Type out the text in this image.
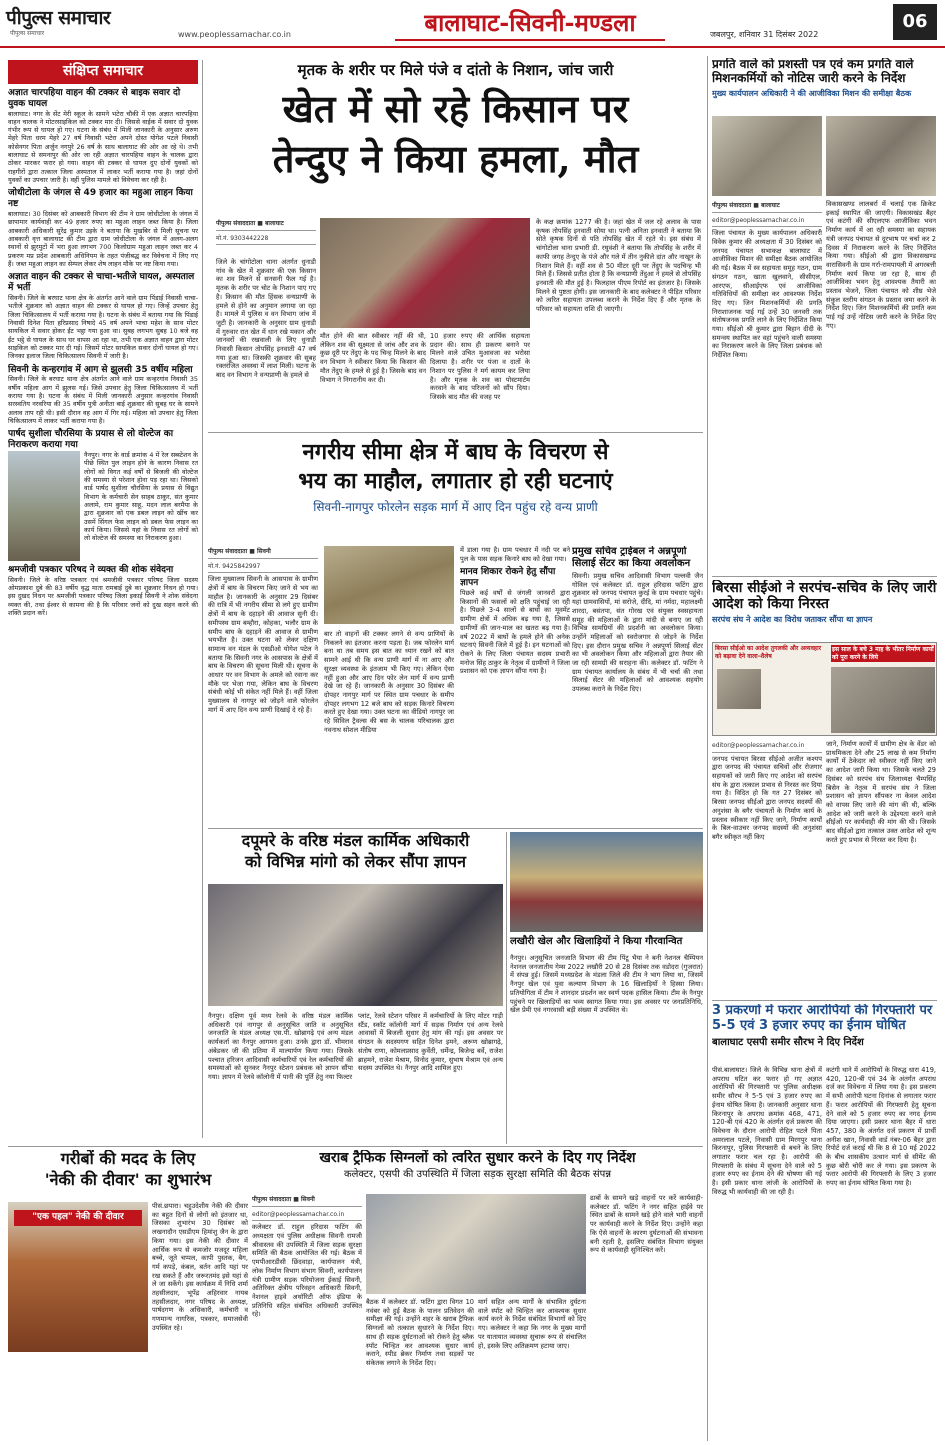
पीपुल्स समाचार
पीपुल्स समाचार	www.peoplessamachar.co.in	बालाघाट-सिवनी-मण्डला	जबलपुर, शनिवार 31 दिसंबर 2022
06
संक्षिप्त समाचार
अज्ञात चारपहिया वाहन की टक्कर से बाइक सवार दो युवक घायल
बालाघाट। नगर के सेंट मेरी स्कूल के सामने भटेरा चौकी में एक अज्ञात चारपहिया वाहन चालक ने मोटरसाइकिल को टक्कर मार दी। जिससे वाईक में सवार दो युवक गंभीर रूप से घायल हो गए। घटना के संबंध में मिली जानकारी के अनुसार अरुण मेहरे पिता धरम मेहरे 27 वर्ष निवासी भटेरा अपने दोस्त योगेश पटले निवासी कोसेनगर पिता अर्जुन नगपुरे 26 वर्ष के साथ बालाघाट की ओर आ रहे थे। तभी बालाघाट से समनापुर की ओर जा रही अज्ञात चारपहिया वाहन के चालक द्वारा ठोकर मारकर फरार हो गया। वाहन की टक्कर से घायल दुए दोनों युवकों को राहगीरों द्वारा तत्काल जिला अस्पताल में लाकर भर्ती कराया गया है। जहां दोनों युवकों का उपचार जारी है। वहीं पुलिस मामले को विवेचना कर रही है।
जोधीटोला के जंगल से 49 हजार का महुआ लाहन किया नष्ट
बालाघाट। 30 दिसंबर को आबकारी विभाग की टीम ने ग्राम जोधीटोला के जंगल में छापामार कार्यवाही कर 49 हजार रुपए का महुआ लाहन जब्त किया है। जिला आबकारी अधिकारी सुरेंद्र कुमार उइके ने बताया कि मुखबिर से मिली सूचना पर आबकारी वृत्त बालाघाट की टीम द्वारा ग्राम जोधीटोला के जंगल में अलग-अलग स्थानों से झुरमुटों में भरा हुआ लगभग 700 किलोग्राम महुआ लाहन जब्त कर 4 प्रकरण मप्र प्रदेश आबकारी अधिनियम के तहत पंजीबद्ध कर विवेचना में लिए गए हैं। जब्त महुआ लाहन का सेम्पल लेकर शेष लाहन मौके पर नष्ट किया गया।
अज्ञात वाहन की टक्कर से चाचा-भतीजे घायल, अस्पताल में भर्ती
सिवनी। जिले के बरघाट थाना क्षेत्र के अंतर्गत आने वाले ग्राम पिंडाई निवासी चाचा-भतीजे शुक्रवार को अज्ञात वाहन की टक्कर से घायल हो गए। जिन्हें उपचार हेतु जिला चिकित्सालय में भर्ती कराया गया है। घटना के संबंध में बताया गया कि पिंडाई निवासी दिनेश पिता हरिप्रसाद निषादे 45 वर्ष अपने भाचा महेश के साथ मोटर सायकिल में सवार होकर ईंट भट्ठा गया हुआ था। सुबह लगभग सुबह 10 बजे वह ईंट भट्ठे से घायल के साथ घर वापस आ रहा था, तभी एक अज्ञात वाहन द्वारा मोटर साइकिल को टक्कर मार दी गई। जिसमें मोटर सायकिल सवार दोनों घायल हो गए। जिनका इलाज जिला चिकित्सालय सिवनी में जारी है।
सिवनी के कन्हरगांव में आग से झुलसी 35 वर्षीय महिला
सिवनी। जिले के बरघाट थाना क्षेत्र अंतर्गत आने वाले ग्राम कन्हरगांव निवासी 35 वर्षीय महिला आग में झुलस गई। जिसे उपचार हेतु जिला चिकित्सालय में भर्ती कराया गया है। घटना के संबंध में मिली जानकारी अनुसार कन्हरगांव निवासी सरस्वतिय नरवरिया की 35 वर्षीय पुत्री अनीता बाई शुक्रवार की सुबह घर के सामने अलाव ताप रही थी। इसी दौरान वह आग में गिर गई। महिला को उपचार हेतु जिला चिकित्सालय में लाकर भर्ती कराया गया है।
पार्षद सुशीला चौरसिया के प्रयास से लो वोल्टेज का निराकरण कराया गया
नैनपुर। नगर के वार्ड क्रमांक 4 में रेल सब्स्टेशन के पीछे स्थित पुल लाइन होने के कारण निवास रत लोगों को विगत कई वर्षों से बिजली की वोल्टेज की समस्या से परेशान होना पड़ रहा था। जिसको वार्ड पार्षद सुशीला चौरसिया के प्रयास से विद्युत विभाग के कर्मचारी सेन साहब ठाकुर, संत कुमार अलामे, राम कुमार साहू, मदन लाल बरमैया के द्वारा शुक्रवार को एक डबल लाइन को खींच कर उसमें सिंगल फेस लाइन को डबल फेस लाइन का कार्य किया। जिससे यहां के निवास रत लोगों को लो वोल्टेज की समस्या का निराकरण हुआ।
श्रमजीवी पत्रकार परिषद ने व्यक्त की शोक संवेदना
सिवनी। जिले के वरिष्ठ पत्रकार एवं श्रमजीवी पत्रकार परिषद जिला सदस्य ओमप्रकाश दुबे की 83 वर्षीय वृद्ध माता रामबाई दुबे का शुक्रवार निधन हो गया। इस दुखद निधन पर श्रमजीवी पत्रकार परिषद जिला इकाई सिवनी ने शोक संवेदना व्यक्त की, तथा ईश्वर से कामना की है कि परिवार जनों को दुख सहन करने की शक्ति प्रदान करें।
मृतक के शरीर पर मिले पंजे व दांतो के निशान, जांच जारी
खेत में सो रहे किसान पर
तेन्दुए ने किया हमला, मौत
पीपुल्स संवाददाता ■ बालाघाट
मो.नं. 9303442228
जिले के चांगोटोला थाना अंतर्गत धुनाडी गांव के खेत में शुक्रवार की एक किसान का शव मिलने से सनसनी फैल गई है। मृतक के शरीर पर चोट के निशान पाए गए है। किसान की मौत हिंसक वन्यप्राणी के हमले से होने का अनुमान लगाया जा रहा है। मामले में पुलिस व वन विभाग जांच में जुटी है। जानकारी के अनुसार ग्राम धुनाडी में गुरुवार रात खेत में धान रखे मकान और जानवरों की रखवाली के लिए धुनाडी निवासी किसान तोपसिंह इनवाती 47 वर्ष गया हुआ था। जिसकी शुक्रवार की सुबह रक्तरंजित अवस्था में लाश मिली। घटना के बाद वन विभाग ने वन्यप्राणी के हमले से
मौत होने की बात स्वीकार नहीं की थी, लेकिन शव की सूक्ष्मता से जांच और शव के कुछ दूरी पर तेंदुए के पद चिन्ह मिलने के बाद वन विभाग ने स्वीकार किया कि किसान की मौत तेंदुए के हमले से हुई है। जिसके बाद वन विभाग ने निगरानीय कर दी।
10 हजार रुपए की आर्थिक सहायता प्रदान की। साथ ही प्रकरण बनाने पर मिलने वाले उचित मुआवजा का भरोसा दिलाया है। शरीर पर पंजा व दातों के निशान पर पुलिस ने मर्ग कायम कर लिया है। और मृतक के शव का पोस्टमार्टम करवाने के बाद परिजनों को सौंप दिया। जिसके बाद मौत की वजह पर
के कक्ष क्रमांक 1277 की है। जहां खेत में जल रहे अलाव के पास कृषक तोपसिंह इनवाती सोया था। पत्नी अनिता इनवाती ने बताया कि सोते कृषक दिनों से पति तोपसिंह खेत में रहते थे। इस संबंध में चांगोटोला थाना प्रभारी डी. रघुवंशी ने बताया कि तोपसिंह के शरीर में काफी जगह तेन्दुए के पंजे और गले में तीन नुकीले दांत और नाखून के निशान मिले हैं। वहीं शव से 50 मीटर दूरी पर तेंदुए के पदचिन्ह भी मिले हैं। जिससे प्रतीत होता है कि वन्यप्राणी तेंदुआ ने हमले से तोपसिंह इनवाती की मौत हुई है। फिलहाल पीएम रिपोर्ट का इंतजार है। जिसके मिलने से पुष्टता होगी। इस जानकारी के बाद कलेक्टर ने पीड़ित परिवार को त्वरित सहायता उपलब्ध कराने के निर्देश दिए हैं और मृतक के परिवार को सहायता राशि दी जाएगी।
नगरीय सीमा क्षेत्र में बाघ के विचरण से
भय का माहौल, लगातार हो रही घटनाएं
सिवनी-नागपुर फोरलेन सड़क मार्ग में आए दिन पहुंच रहे वन्य प्राणी
पीपुल्स संवाददाता ■ सिवनी
मो.नं. 9425842997
जिला मुख्यालय सिवनी के आसपास के ग्रामीण क्षेत्रों में बाघ के विचरण किए जाने से भय का माहौल है। जानकारी के अनुसार 29 दिसंबर की रात्रि में भी नगरीय सीमा से लगे हुए ग्रामीण क्षेत्रों में बाघ के दहाड़ने की आवाज सुनी दी। समीपस्थ ग्राम बम्हौरा, कोहका, भलौर ग्राम के समीप बाघ के दहाड़ने की आवाज से ग्रामीण भयभीत है। उक्त घटना को लेकर दक्षिण सामान्य वन मंडल के एसडीओ योगेश पटेल ने बताया कि सिवनी नगर के आसपास के क्षेत्रों में बाघ के विचरण की सूचना मिली थी। सूचना के आधार पर वन विभाग के अमले को रवाना कर मौके पर भेजा गया, लेकिन बाघ के विचरण संबंधी कोई भी संकेत नहीं मिले हैं। वहीं जिला मुख्यालय से नागपुर को जोड़ने वाले फोरलेन मार्ग में आए दिन वन्य प्राणी दिखाई दे रहे हैं।
बार तो वाहनों की टक्कर लगने से वन्य प्राणियों के निकलने का इंतजार करना पड़ता है। जब फोरलेन मार्ग बना था तब समय इस बात का ध्यान रखने को बात सामने आई थी कि वन्य प्राणी मार्ग में ना आए और सुरक्षा व्यवस्था के इंतजाम भी किए गए। लेकिन ऐसा नहीं हुआ और आए दिन फोर लेन मार्ग में वन्य प्राणी देखे जा रहे हैं। जानकारी के अनुसार 30 दिसंबर की दोपहर नागपुर मार्ग पर स्थित ग्राम पचधार के समीप दोपहर लगभग 12 बजे बाघ को सड़क किनारे विचरण करते हुए देखा गया। उक्त घटना का वीडियो नागपुर जा रहे सिविल ट्रैवल्स की बस के चालक परिचालक द्वारा नवनाथ सोशल मीडिया
में डाला गया है। ग्राम पचधार में नदी पर बने पुल के पास सड़क किनारे बाघ को देखा गया।
मानव शिकार रोकने हेतु सौंपा ज्ञापन
पिछले कई वर्षों से जंगली जानवरों द्वारा किसानों की फसलों को क्षति पहुंचाई जा रही है। पिछले 3-4 सालों से बाघों का मूवमेंट ग्रामीण क्षेत्रों में अधिक बढ़ गया है, जिससे ग्रामीणों की जान-माल का खतरा बढ़ गया है। वर्ष 2022 में बाघों के हमले होने की अनेक घटनाएं सिवनी जिले में हुई है। इन घटनाओं को रोकने के लिए जिला पंचायत सदस्य प्रभारी मनोज सिंह ठाकुर के नेतृत्व में ग्रामीणों ने जिला प्रशासन को एक ज्ञापन सौंपा गया है।
प्रमुख सचिव ट्राईबल ने अन्नपूर्णा सिलाई सेंटर का किया अवलोकन
सिवनी। प्रमुख सचिव आदिवासी विभाग पल्लवी जैन गोविल एवं कलेक्टर डॉ. राहुल हरिदास फटिंग द्वारा शुक्रवार को जनपद पंचायत कुरई के ग्राम पचधार पहुंचे। यहां ग्रामवासियों, मां सरोजे, दीदि, मां नर्मदा, महालक्ष्मी शारदा, बसंतपा, संत गोरख एवं संयुक्त स्वसहायता समूह की महिलाओं के द्वारा मांदी से बनाए जा रही विभिन्न सामग्रियों की प्रदर्शनी का अवलोकन किया। उन्होंने महिलाओं को स्वरोजगार से जोड़ने के निर्देश दिए। इस दौरान प्रमुख सचिव ने अन्नपूर्णा सिलाई सेंटर का भी अवलोकन किया और महिलाओं द्वारा तैयार की जा रही सामग्री की सराहना की। कलेक्टर डॉ. फटिंग ने ग्राम पंचायत कार्यालय के संबंध में भी चर्चा की तथा सिलाई सेंटर की महिलाओं को आवश्यक सहयोग उपलब्ध कराने के निर्देश दिए।
प्रगति वाले को प्रशस्ती पत्र एवं कम प्रगति वाले मिशनकर्मियों को नोटिस जारी करने के निर्देश
मुख्य कार्यपालन अधिकारी ने की आजीविका मिशन की समीक्षा बैठक
पीपुल्स संवाददाता ■ बालाघाट
editor@peoplessamachar.co.in
जिला पंचायत के मुख्य कार्यपालन अधिकारी विवेक कुमार की अध्यक्षता में 30 दिसंबर को जनपद पंचायत सभाकक्ष बालाघाट में आजीविका मिशन की समीक्षा बैठक आयोजित की गई। बैठक में स्व सहायता समूह गठन, ग्राम संगठन गठन, खाता खुलवाने, सीसीएल, आरएफ, सीआईएफ एवं आजीविका गतिविधियों की समीक्षा कर आवश्यक निर्देश दिए गए। जिन मिशनकर्मियों की प्रगति निराशाजनक पाई गई उन्हें 30 जनवरी तक संतोषजनक प्रगति लाने के लिए निर्देशित किया गया। सीईओ श्री कुमार द्वारा बिहान दीदी के समन्वय स्थापित कर वहां पहुंचने वाली समस्या का निराकरण करने के लिए जिला प्रबंधक को निर्देशित किया।
विकासखण्ड लालबर्रा में चलाई एक क्रिकेट इकाई स्थापित की जाएगी। विकासखंड बैहर एवं कटंगी की सीएलएफ आजीविका भवन निर्माण कार्य में आ रही समस्या का सहायक यंत्री जनपद पंचायत से दूरभाष पर चर्चा कर 2 दिवस में निराकरण करने के लिए निर्देशित किया गया। सीईओ श्री द्वारा विकासखण्ड वारासिवनी के ग्राम गर्रा-रामपायली में अगरबत्ती निर्माण कार्य किया जा रहा है, साथ ही आजीविका भवन हेतु आवश्यक तैयारी का प्रस्ताव भेजने, जिला पंचायत को शीघ्र भेजे संकुल स्तरीय संगठन के प्रस्ताव जमा करने के निर्देश दिए। जिन मिशनकर्मियों की प्रगति कम पाई गई उन्हें नोटिस जारी करने के निर्देश दिए गए।
बिरसा सीईओ ने सरपंच-सचिव के लिए जारी आदेश को किया निरस्त
सरपंच संघ ने आदेश का विरोध जताकर सौंपा था ज्ञापन
बिरसा सीईओ का आदेश तुगलकी और अव्यवहार को बढ़ावा देने वाला-शैलेष
इस साल के बचे 3 माह के भीतर निर्माण कार्यों को पूरा करने के लिये
editor@peoplessamachar.co.in
जनपद पंचायत बिरसा सीईओ अजीत कश्यप द्वारा जनपद की पंचायत सचिवों और रोजगार सहायकों को जारी किए गए आदेश को सरपंच संघ के द्वारा तत्काल प्रभाव से निरस्त कर दिया गया है। विदित हो कि गत 27 दिसंबर को बिरसा जनपद सीईओ द्वारा जनपद सदस्यों की अनुशंसा के बगैर पंचायतों के निर्माण कार्य के प्रस्ताव स्वीकार नहीं किए जाने, निर्माण कार्यों के बिल-वाउचर जनपद सदस्यों की अनुशंसा बगैर स्वीकृत नहीं किए
जाने, निर्माण कार्यों में ग्रामीण क्षेत्र के वेंडर को प्राथमिकता देने और 25 लाख से कम निर्माण कार्यों में ठेकेदार को स्वीकार नहीं किए जाने का आदेश जारी किया था। जिसके चलते 29 दिसंबर को सरपंच संघ जिलाध्यक्ष चैम्पसिंह बिसेन के नेतृत्व में सरपंच संघ ने जिला प्रशासन को ज्ञापन सौंपकर ना केवल आदेश को वापस लिए जाने की मांग की थी, बल्कि आदेश को जारी करने के उद्देश्यता करने वाले सीईओ पर कार्यवाही की मांग की थी। जिसके बाद सीईओ द्वारा तत्काल उक्त आदेश को शून्य करते हुए प्रभाव से निरस्त कर दिया है।
3 प्रकरणों में फरार आरोपियों की गिरफ्तारी पर 5-5 एवं 3 हजार रुपए का ईनाम घोषित
बालाघाट एसपी समीर सौरभ ने दिए निर्देश
पीसं.बालाघाट। जिले के विभिन्न थाना क्षेत्रों में अपराध घटित कर फरार हो गए अज्ञात आरोपियों की गिरफ्तारी पर पुलिस अधीक्षक समीर सौरभ ने 5-5 एवं 3 हजार रुपए का ईनाम घोषित किया है। जानकारी अनुसार थाना किरनापुर के अपराध क्रमांक 468, 471, 120-बी एवं 420 के अंतर्गत दर्ज प्रकरण की विवेचना के दौरान आरोपी रोहित पटले पिता अमरलाल पटले, निवासी ग्राम मिरगपुर थाना किरनापुर, पुलिस गिरफ्तारी से बचने के लिए लगातार फरार चल रहा है। आरोपी की गिरफ्तारी के संबंध में सूचना देने वाले को 5 हजार रुपए का ईनाम देने की घोषणा की गई है। इसी प्रकार थाना लांजी के आरोपियों के विरुद्ध भी कार्यवाही की जा रही है।
कटंगी थाने में आरोपियों के विरुद्ध धारा 419, 420, 120-बी एवं 34 के अंतर्गत अपराध दर्ज कर विवेचना में लिया गया है। इस प्रकरण में सभी आरोपी घटना दिनांक से लगातार फरार हैं। फरार आरोपियों की गिरफ्तारी हेतु सूचना देने वाले को 5 हजार रुपए का नगद ईनाम दिया जाएगा। इसी प्रकार थाना बैहर में धारा 457, 380 के अंतर्गत दर्ज प्रकरण में प्रार्थी अनीश खान, निवासी वार्ड नंबर-06 बैहर द्वारा रिपोर्ट दर्ज कराई थी कि 8 से 10 मई 2022 के बीच शासकीय उत्थान मार्ग से सीमेंट की कुछ बोरी चोरी कर ले गया। इस प्रकरण के फरार आरोपी की गिरफ्तारी के लिए 3 हजार रुपए का ईनाम घोषित किया गया है।
दपूमरे के वरिष्ठ मंडल कार्मिक अधिकारी
को विभिन्न मांगो को लेकर सौंपा ज्ञापन
नैनपुर। दक्षिण पूर्व मध्य रेलवे के वरिष्ठ मंडल कार्मिक अधिकारी एवं नागपुर से अनुसूचित जाति व अनुसूचित जनजाति के मंडल अध्यक्ष एस.पी. खोब्रागढ़े एवं अन्य मंडल कार्यकर्ता का नैनपुर आगमन हुआ। उनके द्वारा डॉ. भीमराव अंबेडकर जी की प्रतिमा में माल्यार्पण किया गया। जिसके पश्चात हरिजन आदिवासी कर्मचारियों एवं रेल कर्मचारियों की समस्याओं को सुनकर नैनपुर स्टेशन प्रबंधक को ज्ञापन सौंपा गया। ज्ञापन में रेलवे कॉलोनी में पानी की पूर्ति हेतु नया फिल्टर
प्लांट, रेलवे स्टेशन परिसर में कर्मचारियों के लिए मोटर गाड़ी स्टैंड, स्कॉट कॉलोनी मार्ग में सड़क निर्माण एवं अन्य रेलवे आवासों में बिजली सुधार हेतु मांग की गई। इस अवसर पर संगठन के सदस्यगण सहित दिनेश इमने, अरूण खोब्रागढ़े, संतोष राणा, कोमलप्रसाद कुर्वेती, धर्मेन्द्र, बिजेन्द्र बर्वे, राजेश ब्राहमने, राजेश मेश्राम, विनोद कुमार, सुभाष मेश्राम एवं अन्य सदस्य उपस्थित थे। नैनपुर आदि शामिल हुए।
लखौरी खेल और खिलाड़ियों ने किया गौरवान्वित
नैनपुर। अनुसूचित जनजाति विभाग की टीम पिंटू भैया ने बनी नेशनल चैम्पियन नेशनल जनजातीय गेम्स 2022 लखौरी 20 से 28 दिसंबर तक वडोदरा (गुजरात) में संपन्न हुई। जिसमें मध्यप्रदेश के मंडला जिले की टीम ने भाग लिया था, जिसमें नैनपुर खेल एवं युवा कल्याण विभाग के 16 खिलाड़ियों ने हिस्सा लिया। प्रतियोगिता में टीम ने शानदार प्रदर्शन कर स्वर्ण पदक हासिल किया। टीम के नैनपुर पहुंचने पर खिलाड़ियों का भव्य स्वागत किया गया। इस अवसर पर जनप्रतिनिधि, खेल प्रेमी एवं नगरवासी बड़ी संख्या में उपस्थित थे।
गरीबों की मदद के लिए
'नेकी की दीवार' का शुभारंभ
"एक पहल" नेकी की दीवार
पीसं.छपारा। चहुउदेशीय नेकी की दीवार का बहुत दिनों से लोगों को इंतजार था, जिसका शुभारंभ 30 दिसंबर को लखनादौन एसडीएम हिमांशु जैन के द्वारा किया गया। इस नेकी की दीवार में आर्थिक रूप से कमजोर मजदूर महिला बच्चे, जूते चप्पल, कापी पुस्तक, बैग, गर्म कपड़े, कंबल, बर्तन आदि यहां पर रख सकते हैं और जरूरतमंद इसे यहां से ले जा सकेंगे। इस कार्यक्रम में निधि शर्मा तहसीलदार, भूपेंद्र अहिरवार नायब तहसीलदार, नगर परिषद के अध्यक्ष, पार्षदगण के अधिकारी, कर्मचारी व गणमान्य नागरिक, पत्रकार, समाजसेवी उपस्थित रहे।
खराब ट्रैफिक सिग्नलों को त्वरित सुधार करने के दिए गए निर्देश
कलेक्टर, एसपी की उपस्थिति में जिला सड़क सुरक्षा समिति की बैठक संपन्न
पीपुल्स संवाददाता ■ सिवनी
editor@peoplessamachar.co.in
कलेक्टर डॉ. राहुल हरिदास फटिंग की अध्यक्षता एवं पुलिस अधीक्षक सिवनी रामजी श्रीवास्तव की उपस्थिति में जिला सड़क सुरक्षा समिति की बैठक आयोजित की गई। बैठक में एमपीआरडीसी छिंदवाड़ा, कार्यपालन यंत्री, लोक निर्माण विभाग संभाग सिवनी, कार्यपालन यंत्री ग्रामीण सड़क परियोजना ईकाई सिवनी, अतिरिक्त क्षेत्रीय परिवहन अधिकारी सिवनी, नेशनल हाइवे अथॉरिटी ऑफ इंडिया के प्रतिनिधि सहित संबंधित अधिकारी उपस्थित रहे।
बैठक में कलेक्टर डॉ. फटिंग द्वारा विगत 10 नवंबर को हुई बैठक के पालन प्रतिवेदन की समीक्षा की गई। उन्होंने शहर के खराब ट्रैफिक सिग्नलों को तत्काल सुधारने के निर्देश दिए। साथ ही सड़क दुर्घटनाओं को रोकने हेतु ब्लैक स्पॉट चिन्हित कर आवश्यक सुधार कार्य कराने, स्पीड ब्रेकर निर्माण तथा सड़कों पर संकेतक लगाने के निर्देश दिए।
मार्ग सहित अन्य मार्गों के संभावित दुर्घटना वाले स्पॉट को चिन्हित कर आवश्यक सुधार कार्य करने के निर्देश संबंधित विभागों को दिए गए। कलेक्टर ने कहा कि नगर के मुख्य मार्गों पर यातायात व्यवस्था सुचारू रूप से संचालित हो, इसके लिए अतिक्रमण हटाया जाए।
ढाबों के सामने खड़े वाहनों पर करें कार्यवाही- कलेक्टर डॉ. फटिंग ने नगर सहित हाईवे पर स्थित ढाबों के सामने खड़े होने वाले भारी वाहनों पर कार्यवाही करने के निर्देश दिए। उन्होंने कहा कि ऐसे वाहनों के कारण दुर्घटनाओं की संभावना बनी रहती है, इसलिए संबंधित विभाग संयुक्त रूप से कार्यवाही सुनिश्चित करें।
